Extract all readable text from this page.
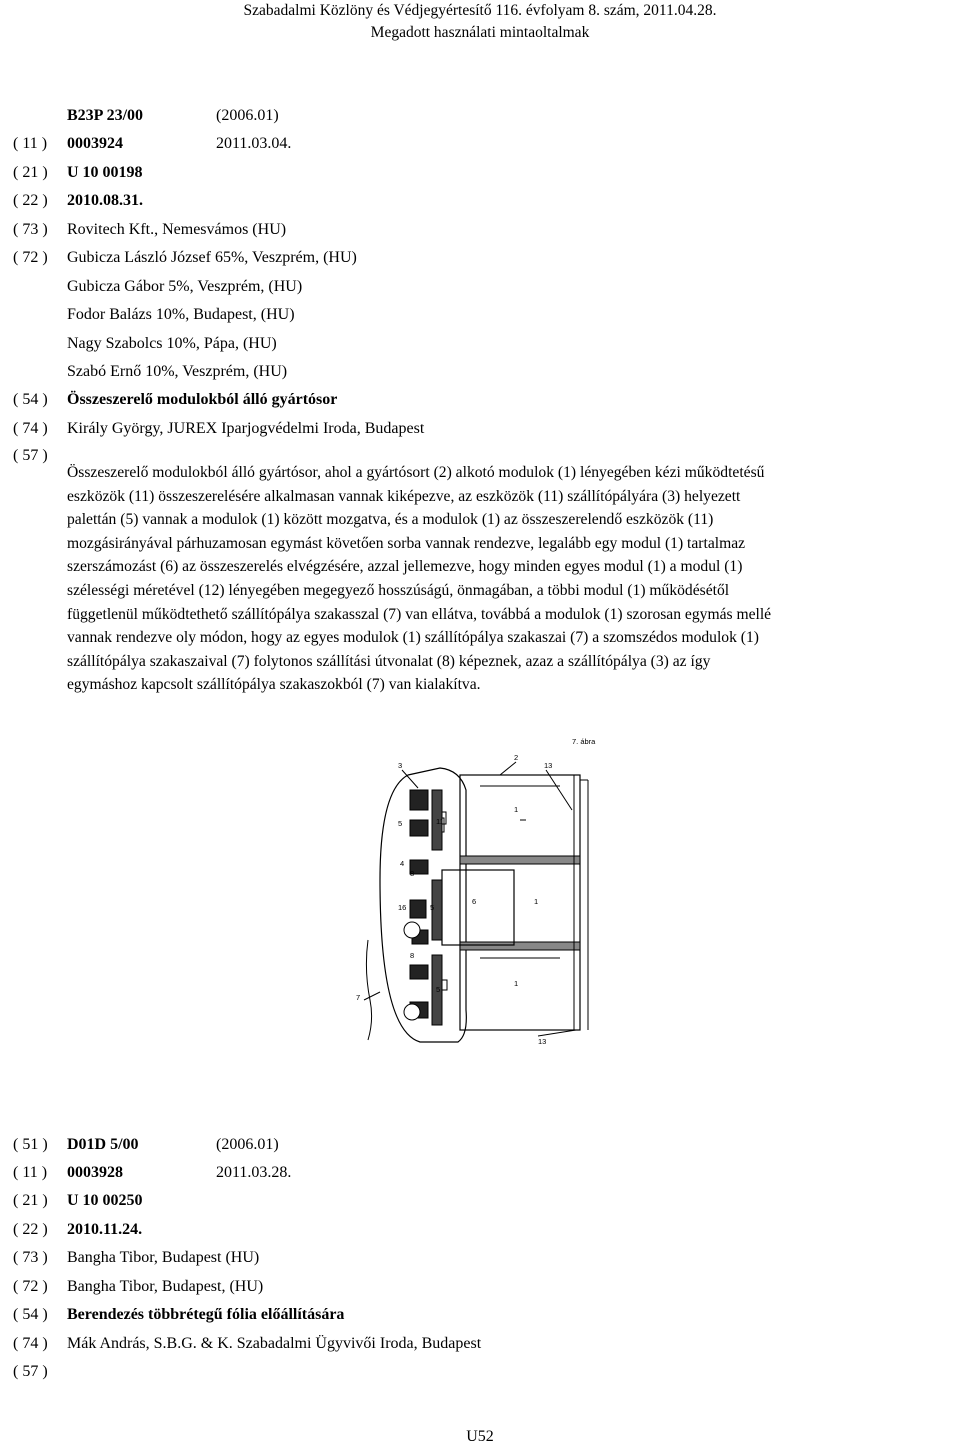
Szabadalmi Közlöny és Védjegyértesítő 116. évfolyam 8. szám, 2011.04.28.
Megadott használati mintaoltalmak
B23P 23/00	(2006.01)
( 11 ) 0003924	2011.03.04.
( 21 ) U 10 00198
( 22 ) 2010.08.31.
( 73 ) Rovitech Kft., Nemesvámos (HU)
( 72 ) Gubicza László József 65%, Veszprém, (HU)
Gubicza Gábor 5%, Veszprém, (HU)
Fodor Balázs 10%, Budapest, (HU)
Nagy Szabolcs 10%, Pápa, (HU)
Szabó Ernő 10%, Veszprém, (HU)
( 54 ) Összeszerelő modulokból álló gyártósor
( 74 ) Király György, JUREX Iparjogvédelmi Iroda, Budapest
( 57 )
Összeszerelő modulokból álló gyártósor, ahol a gyártósort (2) alkotó modulok (1) lényegében kézi működtetésű
eszközök (11) összeszerelésére alkalmasan vannak kiképezve, az eszközök (11) szállítópályára (3) helyezett
palettán (5) vannak a modulok (1) között mozgatva, és a modulok (1) az összeszerelendő eszközök (11)
mozgásirányával párhuzamosan egymást követően sorba vannak rendezve, legalább egy modul (1) tartalmaz
szerszámozást (6) az összeszerelés elvégzésére, azzal jellemezve, hogy minden egyes modul (1) a modul (1)
szélességi méretével (12) lényegében megegyező hosszúságú, önmagában, a többi modul (1) működésétől
függetlenül működtethető szállítópálya szakasszal (7) van ellátva, továbbá a modulok (1) szorosan egymás mellé
vannak rendezve oly módon, hogy az egyes modulok (1) szállítópálya szakaszai (7) a szomszédos modulok (1)
szállítópálya szakaszaival (7) folytonos szállítási útvonalat (8) képeznek, azaz a szállítópálya (3) az így
egymáshoz kapcsolt szállítópálya szakaszokból (7) van kialakítva.
7. ábra
2
3	13
1
5	11
4
8
6	1
16	5
8
1
5
7
13
( 51 ) D01D 5/00	(2006.01)
( 11 ) 0003928	2011.03.28.
( 21 ) U 10 00250
( 22 ) 2010.11.24.
( 73 ) Bangha Tibor, Budapest (HU)
( 72 ) Bangha Tibor, Budapest, (HU)
( 54 ) Berendezés többrétegű fólia előállítására
( 74 ) Mák András, S.B.G. & K. Szabadalmi Ügyvivői Iroda, Budapest
( 57 )
U52
